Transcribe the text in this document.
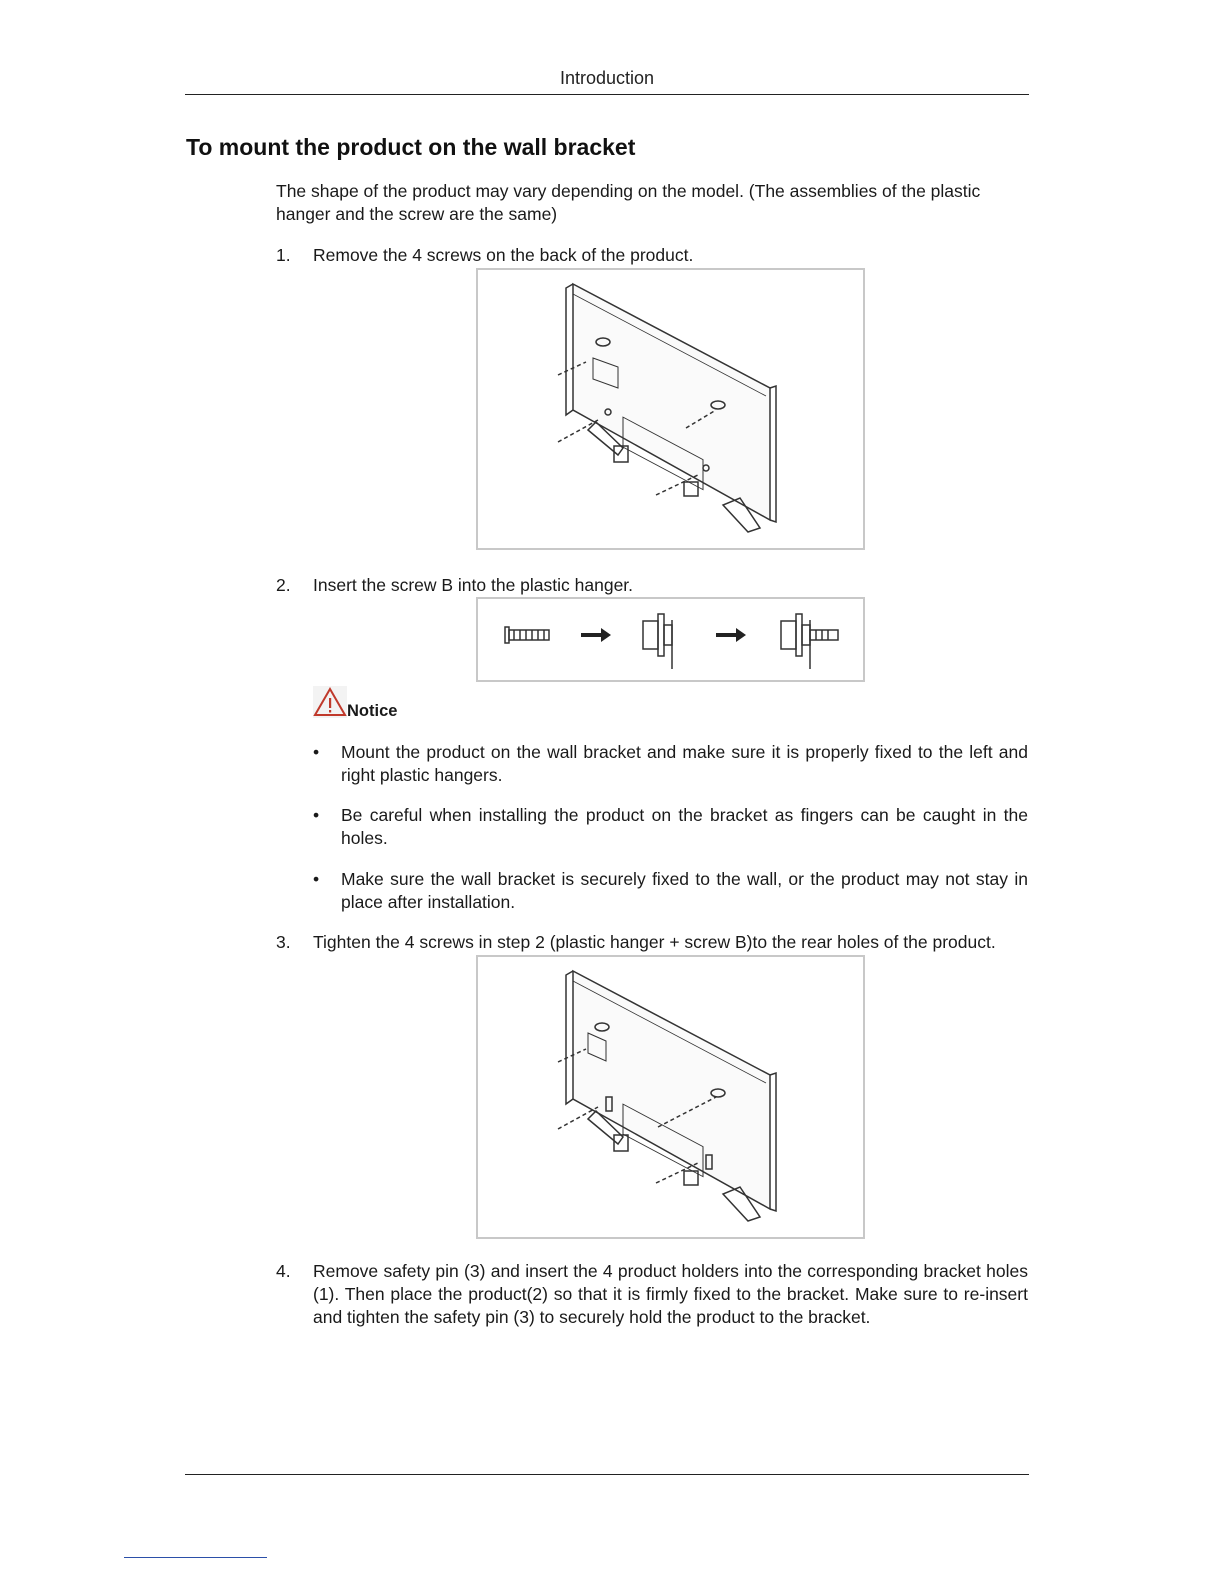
Introduction
To mount the product on the wall bracket
The shape of the product may vary depending on the model. (The assemblies of the plastic hanger and the screw are the same)
1. Remove the 4 screws on the back of the product.
2. Insert the screw B into the plastic hanger.
Notice
• Mount the product on the wall bracket and make sure it is properly fixed to the left and right plastic hangers.
• Be careful when installing the product on the bracket as fingers can be caught in the holes.
• Make sure the wall bracket is securely fixed to the wall, or the product may not stay in place after installation.
3. Tighten the 4 screws in step 2 (plastic hanger + screw B)to the rear holes of the product.
4. Remove safety pin (3) and insert the 4 product holders into the corresponding bracket holes (1). Then place the product(2) so that it is firmly fixed to the bracket. Make sure to re-insert and tighten the safety pin (3) to securely hold the product to the bracket.
